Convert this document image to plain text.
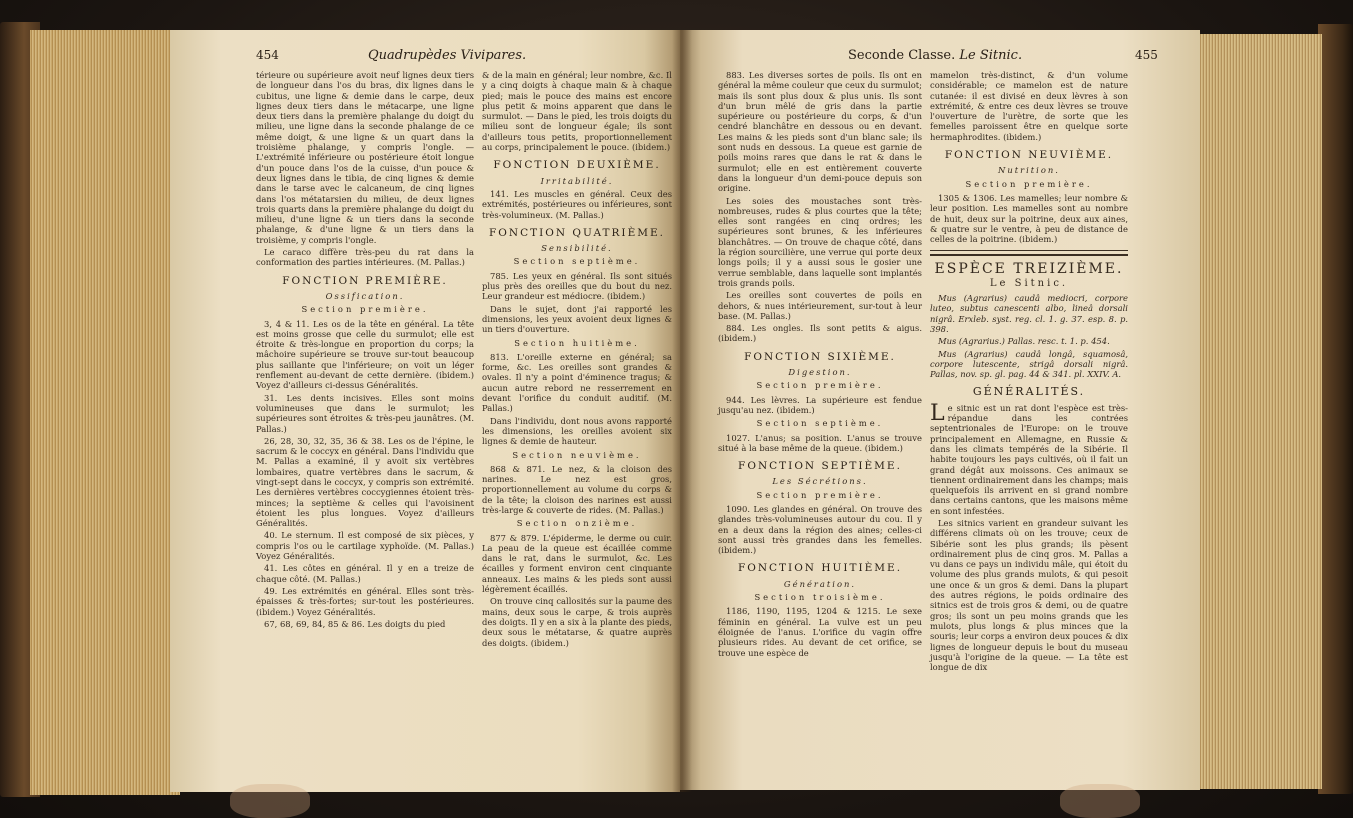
454	Quadrupèdes Vivipares.

térieure ou supérieure avoit neuf lignes deux tiers de longueur dans l'os du bras, dix lignes dans le cubitus, une ligne & demie dans le carpe, deux lignes deux tiers dans le métacarpe, une ligne deux tiers dans la première phalange du doigt du milieu, une ligne dans la seconde phalange de ce même doigt, & une ligne & un quart dans la troisième phalange, y compris l'ongle. — L'extrémité inférieure ou postérieure étoit longue d'un pouce dans l'os de la cuisse, d'un pouce & deux lignes dans le tibia, de cinq lignes & demie dans le tarse avec le calcaneum, de cinq lignes dans l'os métatarsien du milieu, de deux lignes trois quarts dans la première phalange du doigt du milieu, d'une ligne & un tiers dans la seconde phalange, & d'une ligne & un tiers dans la troisième, y compris l'ongle.

Le caraco diffère très-peu du rat dans la conformation des parties intérieures. (M. Pallas.)

FONCTION PREMIÈRE.
Ossification.
Section première.

3, 4 & 11. Les os de la tête en général. La tête est moins grosse que celle du surmulot; elle est étroite & très-longue en proportion du corps; la mâchoire supérieure se trouve sur-tout beaucoup plus saillante que l'inférieure; on voit un léger renflement au-devant de cette dernière. (ibidem.) Voyez d'ailleurs ci-dessus Généralités.

31. Les dents incisives. Elles sont moins volumineuses que dans le surmulot; les supérieures sont étroites & très-peu jaunâtres. (M. Pallas.)

26, 28, 30, 32, 35, 36 & 38. Les os de l'épine, le sacrum & le coccyx en général. Dans l'individu que M. Pallas a examiné, il y avoit six vertèbres lombaires, quatre vertèbres dans le sacrum, & vingt-sept dans le coccyx, y compris son extrémité. Les dernières vertèbres coccygiennes étoient très-minces; la septième & celles qui l'avoisinent étoient les plus longues. Voyez d'ailleurs Généralités.

40. Le sternum. Il est composé de six pièces, y compris l'os ou le cartilage xyphoïde. (M. Pallas.) Voyez Généralités.

41. Les côtes en général. Il y en a treize de chaque côté. (M. Pallas.)

49. Les extrémités en général. Elles sont très-épaisses & très-fortes; sur-tout les postérieures. (ibidem.) Voyez Généralités.

67, 68, 69, 84, 85 & 86. Les doigts du pied

& de la main en général; leur nombre, &c. Il y a cinq doigts à chaque main & à chaque pied; mais le pouce des mains est encore plus petit & moins apparent que dans le surmulot. — Dans le pied, les trois doigts du milieu sont de longueur égale; ils sont d'ailleurs tous petits, proportionnellement au corps, principalement le pouce. (ibidem.)

FONCTION DEUXIÈME.
Irritabilité.

141. Les muscles en général. Ceux des extrémités, postérieures ou inférieures, sont très-volumineux. (M. Pallas.)

FONCTION QUATRIÈME.
Sensibilité.
Section septième.

785. Les yeux en général. Ils sont situés plus près des oreilles que du bout du nez. Leur grandeur est médiocre. (ibidem.)

Dans le sujet, dont j'ai rapporté les dimensions, les yeux avoient deux lignes & un tiers d'ouverture.

Section huitième.

813. L'oreille externe en général; sa forme, &c. Les oreilles sont grandes & ovales. Il n'y a point d'éminence tragus; & aucun autre rebord ne resserrement en devant l'orifice du conduit auditif. (M. Pallas.)

Dans l'individu, dont nous avons rapporté les dimensions, les oreilles avoient six lignes & demie de hauteur.

Section neuvième.

868 & 871. Le nez, & la cloison des narines. Le nez est gros, proportionnellement au volume du corps & de la tête; la cloison des narines est aussi très-large & couverte de rides. (M. Pallas.)

Section onzième.

877 & 879. L'épiderme, le derme ou cuir. La peau de la queue est écaillée comme dans le rat, dans le surmulot, &c. Les écailles y forment environ cent cinquante anneaux. Les mains & les pieds sont aussi légèrement écaillés.

On trouve cinq callosités sur la paume des mains, deux sous le carpe, & trois auprès des doigts. Il y en a six à la plante des pieds, deux sous le métatarse, & quatre auprès des doigts. (ibidem.)

Seconde Classe. Le Sitnic.	455

883. Les diverses sortes de poils. Ils ont en général la même couleur que ceux du surmulot; mais ils sont plus doux & plus unis. Ils sont d'un brun mêlé de gris dans la partie supérieure ou postérieure du corps, & d'un cendré blanchâtre en dessous ou en devant. Les mains & les pieds sont d'un blanc sale; ils sont nuds en dessous. La queue est garnie de poils moins rares que dans le rat & dans le surmulot; elle en est entièrement couverte dans la longueur d'un demi-pouce depuis son origine.

Les soies des moustaches sont très-nombreuses, rudes & plus courtes que la tête; elles sont rangées en cinq ordres; les supérieures sont brunes, & les inférieures blanchâtres. — On trouve de chaque côté, dans la région sourcilière, une verrue qui porte deux longs poils; il y a aussi sous le gosier une verrue semblable, dans laquelle sont implantés trois grands poils.

Les oreilles sont couvertes de poils en dehors, & nues intérieurement, sur-tout à leur base. (M. Pallas.)

884. Les ongles. Ils sont petits & aigus. (ibidem.)

FONCTION SIXIÈME.
Digestion.
Section première.

944. Les lèvres. La supérieure est fendue jusqu'au nez. (ibidem.)

Section septième.

1027. L'anus; sa position. L'anus se trouve situé à la base même de la queue. (ibidem.)

FONCTION SEPTIÈME.
Les Sécrétions.
Section première.

1090. Les glandes en général. On trouve des glandes très-volumineuses autour du cou. Il y en a deux dans la région des aines; celles-ci sont aussi très grandes dans les femelles. (ibidem.)

FONCTION HUITIÈME.
Génération.
Section troisième.

1186, 1190, 1195, 1204 & 1215. Le sexe féminin en général. La vulve est un peu éloignée de l'anus. L'orifice du vagin offre plusieurs rides. Au devant de cet orifice, se trouve une espèce de

mamelon très-distinct, & d'un volume considérable; ce mamelon est de nature cutanée: il est divisé en deux lèvres à son extrémité, & entre ces deux lèvres se trouve l'ouverture de l'urètre, de sorte que les femelles paroissent être en quelque sorte hermaphrodites. (ibidem.)

FONCTION NEUVIÈME.
Nutrition.
Section première.

1305 & 1306. Les mamelles; leur nombre & leur position. Les mamelles sont au nombre de huit, deux sur la poitrine, deux aux aines, & quatre sur le ventre, à peu de distance de celles de la poitrine. (ibidem.)

ESPÈCE TREIZIÈME.
Le Sitnic.

Mus (Agrarius) caudâ mediocri, corpore luteo, subtus canescenti albo, lineâ dorsali nigrâ. Erxleb. syst. reg. cl. 1. g. 37. esp. 8. p. 398.

Mus (Agrarius.) Pallas. resc. t. 1. p. 454.

Mus (Agrarius) caudâ longâ, squamosâ, corpore lutescente, strigâ dorsali nigrâ. Pallas, nov. sp. gl. pag. 44 & 341. pl. XXIV. A.

GÉNÉRALITÉS.

Le sitnic est un rat dont l'espèce est très-répandue dans les contrées septentrionales de l'Europe: on le trouve principalement en Allemagne, en Russie & dans les climats tempérés de la Sibérie. Il habite toujours les pays cultivés, où il fait un grand dégât aux moissons. Ces animaux se tiennent ordinairement dans les champs; mais quelquefois ils arrivent en si grand nombre dans certains cantons, que les maisons même en sont infestées.

Les sitnics varient en grandeur suivant les différens climats où on les trouve; ceux de Sibérie sont les plus grands; ils pèsent ordinairement plus de cinq gros. M. Pallas a vu dans ce pays un individu mâle, qui étoit du volume des plus grands mulots, & qui pesoit une once & un gros & demi. Dans la plupart des autres régions, le poids ordinaire des sitnics est de trois gros & demi, ou de quatre gros; ils sont un peu moins grands que les mulots, plus longs & plus minces que la souris; leur corps a environ deux pouces & dix lignes de longueur depuis le bout du museau jusqu'à l'origine de la queue. — La tête est longue de dix
